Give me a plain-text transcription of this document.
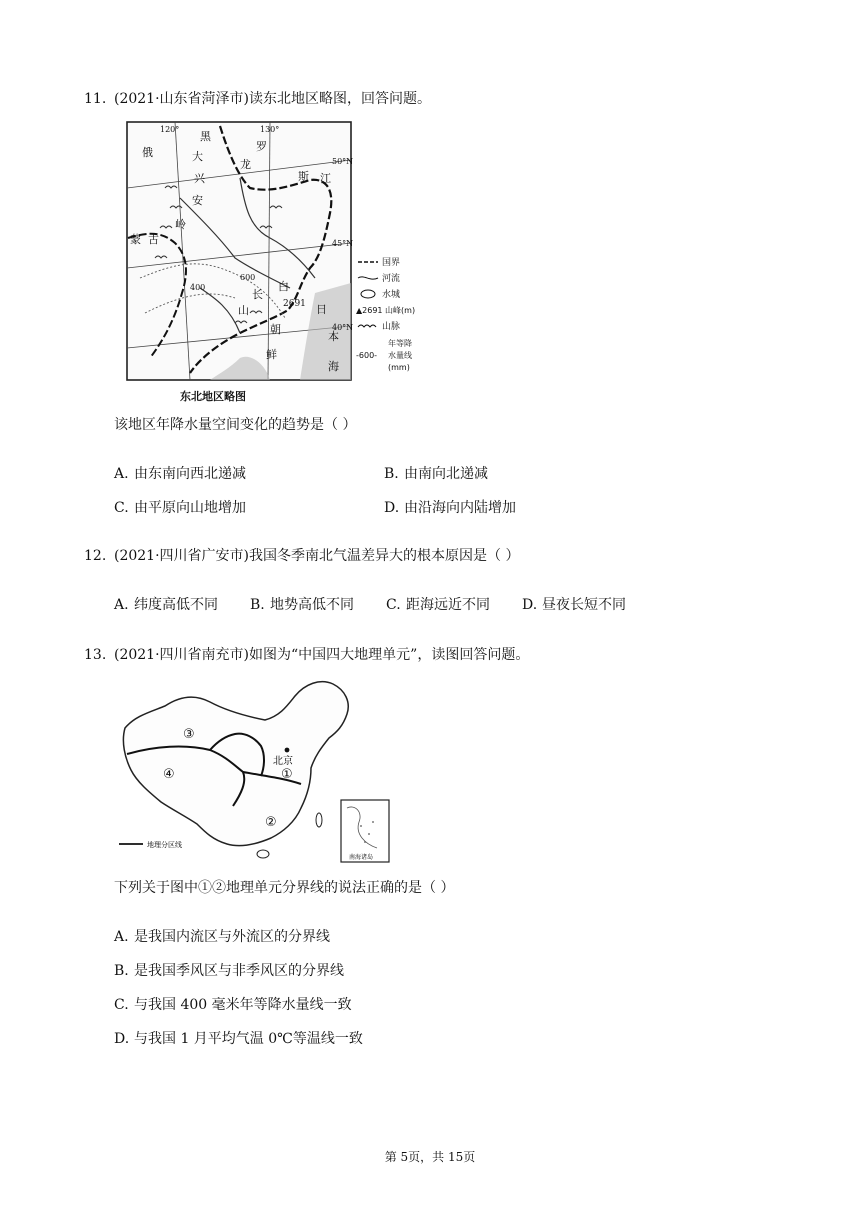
11. (2021·山东省菏泽市)读东北地区略图，回答问题。
120°	130°
50°N
45°N
40°N
俄	罗
斯
黑
龙
江
大
兴
安
岭
蒙 古
白
山
长
朝
鲜
日
本
海
600
400
2691
东北地区略图
国界
河流
水城
▲2691 山峰(m)
山脉
-600-
年等降
水量线
(mm)
该地区年降水量空间变化的趋势是（ ）
A. 由东南向西北递减	B. 由南向北递减
C. 由平原向山地增加	D. 由沿海向内陆增加
12. (2021·四川省广安市)我国冬季南北气温差异大的根本原因是（ ）
A. 纬度高低不同 B. 地势高低不同 C. 距海远近不同 D. 昼夜长短不同
13. (2021·四川省南充市)如图为“中国四大地理单元”，读图回答问题。
南海诸岛
北京
①
②
③
④
地理分区线
下列关于图中①②地理单元分界线的说法正确的是（ ）
A. 是我国内流区与外流区的分界线
B. 是我国季风区与非季风区的分界线
C. 与我国 400 毫米年等降水量线一致
D. 与我国 1 月平均气温 0℃等温线一致
第 5页，共 15页
